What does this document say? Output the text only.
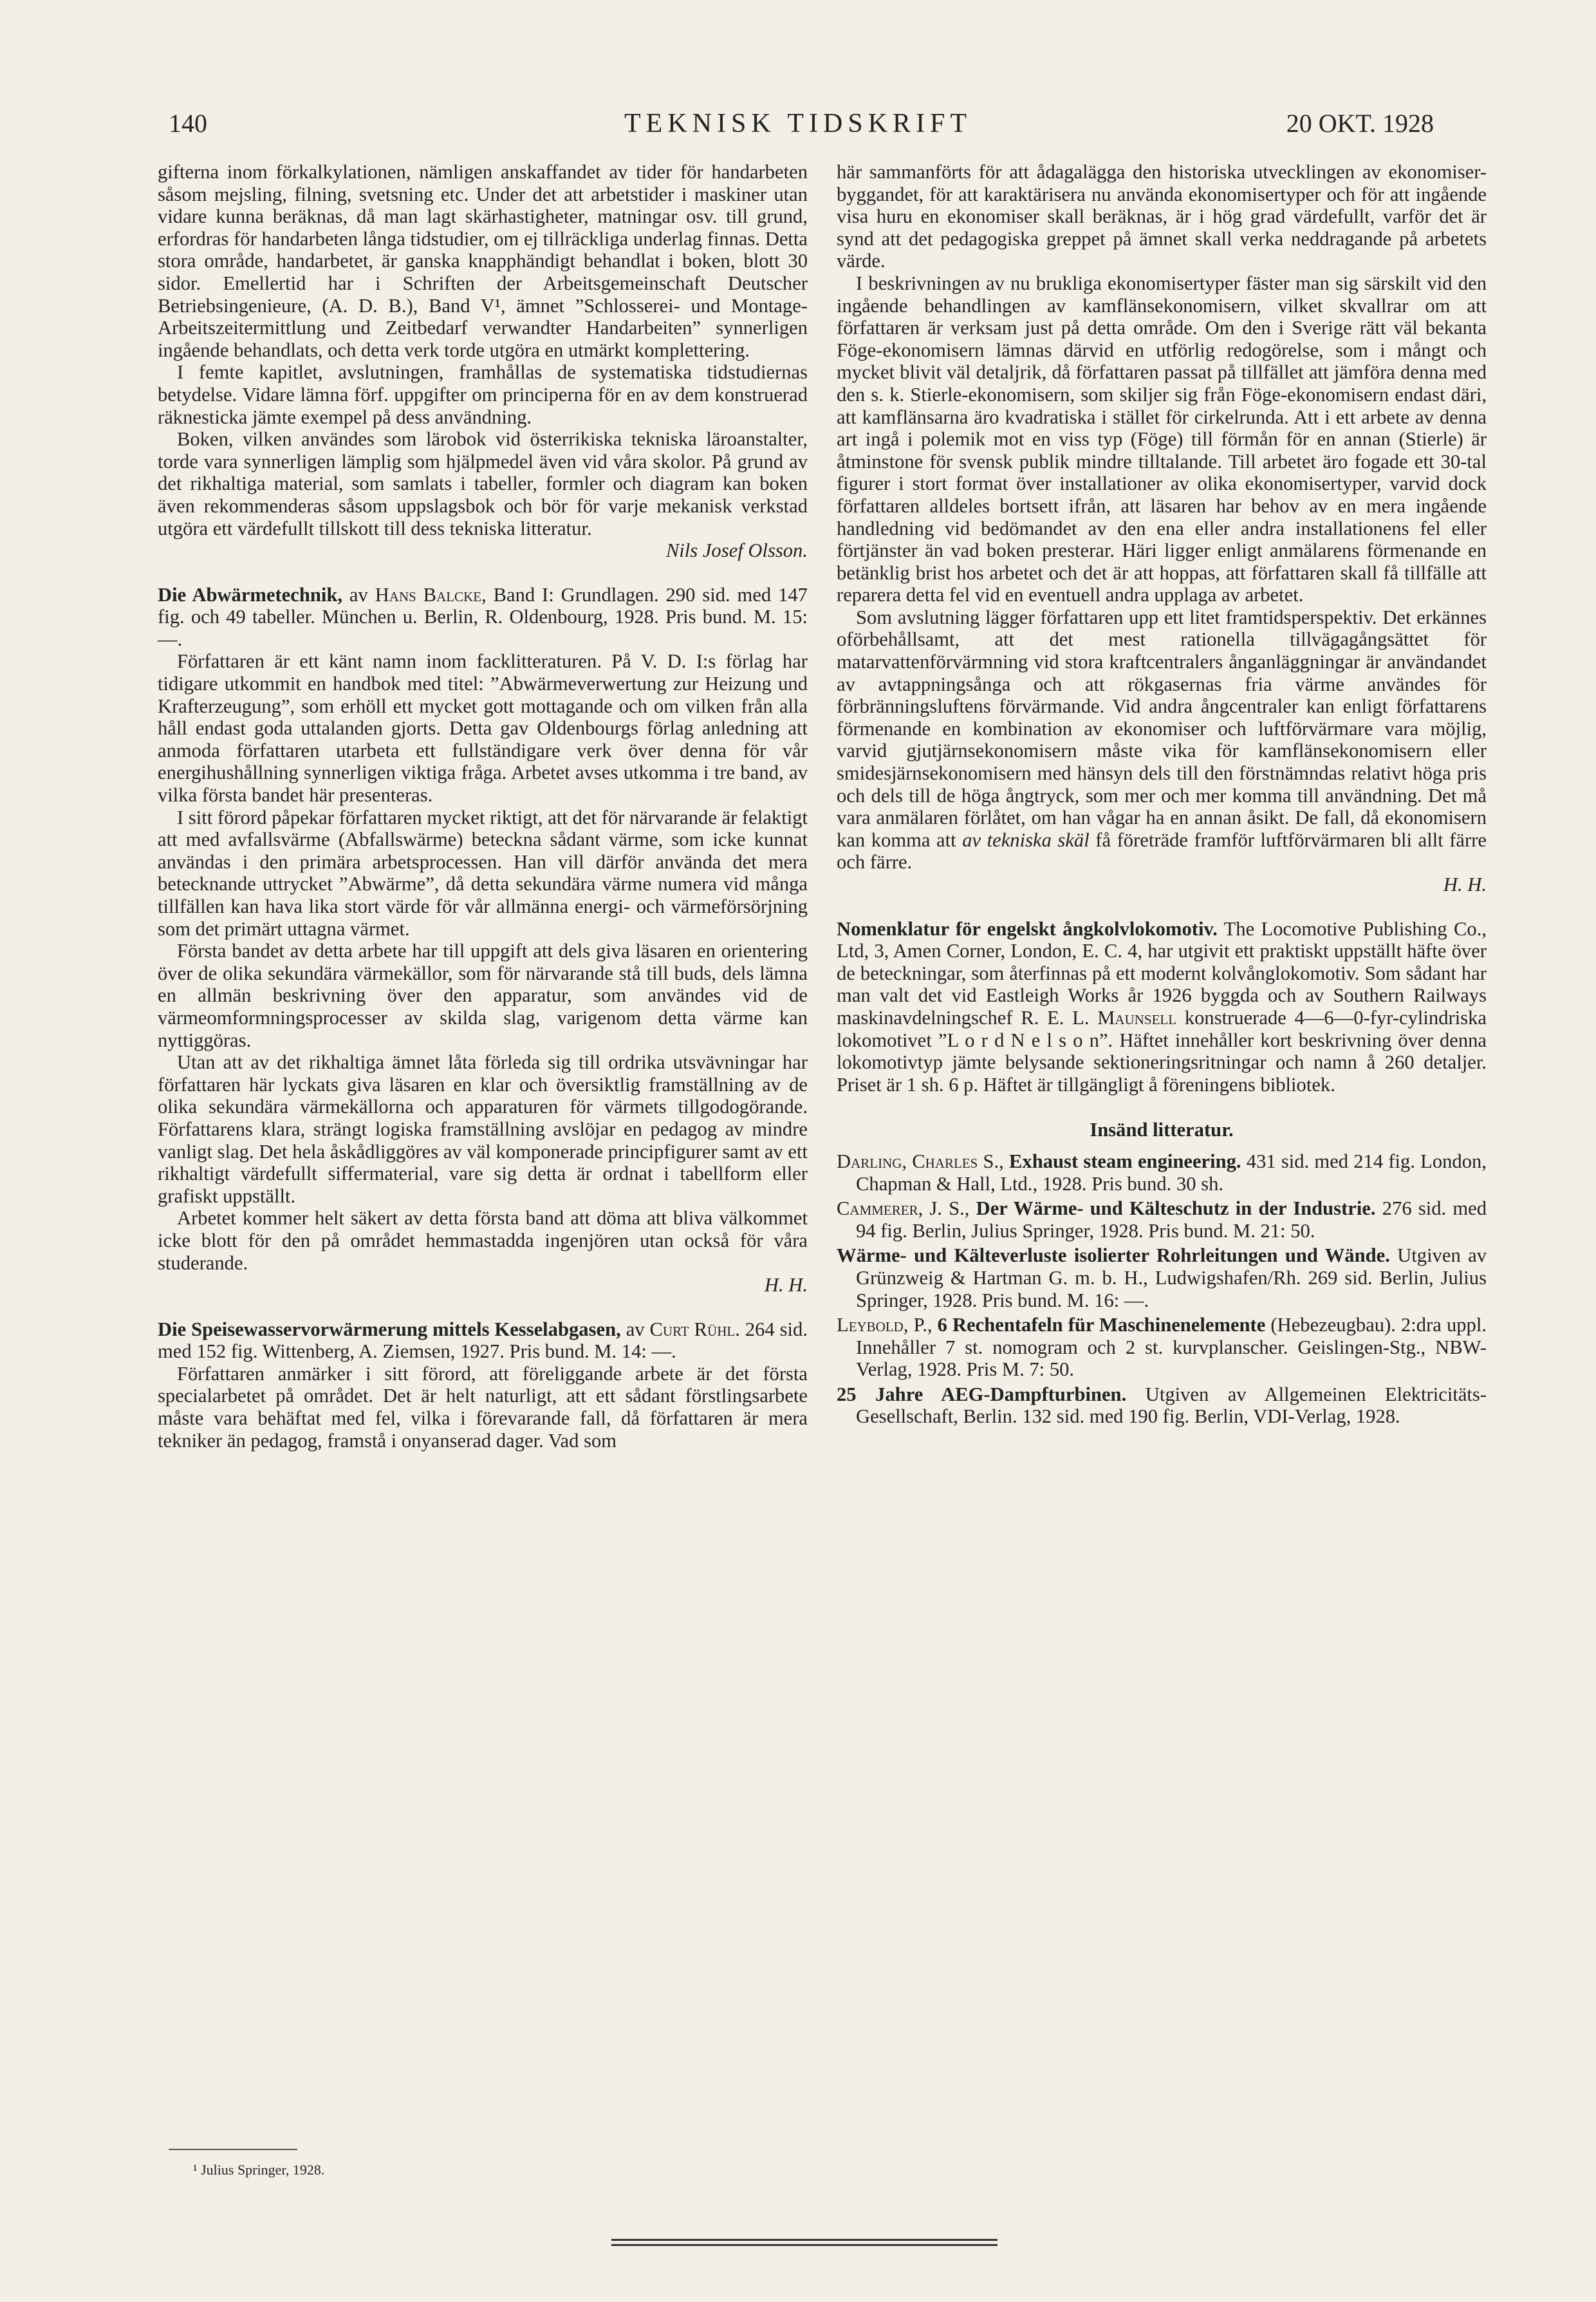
140	TEKNISK TIDSKRIFT	20 OKT. 1928

gifterna inom förkalkylationen, nämligen anskaffandet av tider för handarbeten såsom mejsling, filning, svetsning etc. Under det att arbetstider i maskiner utan vidare kunna beräknas, då man lagt skärhastigheter, matningar osv. till grund, erfordras för handarbeten långa tidstudier, om ej tillräckliga underlag finnas. Detta stora område, handarbetet, är ganska knapphändigt behandlat i boken, blott 30 sidor. Emellertid har i Schriften der Arbeitsgemeinschaft Deutscher Betriebsingenieure, (A. D. B.), Band V¹, ämnet ”Schlosserei- und Montage-Arbeitszeitermittlung und Zeitbedarf verwandter Handarbeiten” synnerligen ingående behandlats, och detta verk torde utgöra en utmärkt komplettering.

I femte kapitlet, avslutningen, framhållas de systematiska tidstudiernas betydelse. Vidare lämna förf. uppgifter om principerna för en av dem konstruerad räknesticka jämte exempel på dess användning.

Boken, vilken användes som lärobok vid österrikiska tekniska läroanstalter, torde vara synnerligen lämplig som hjälpmedel även vid våra skolor. På grund av det rikhaltiga material, som samlats i tabeller, formler och diagram kan boken även rekommenderas såsom uppslagsbok och bör för varje mekanisk verkstad utgöra ett värdefullt tillskott till dess tekniska litteratur.

Nils Josef Olsson.

Die Abwärmetechnik, av Hans Balcke, Band I: Grundlagen. 290 sid. med 147 fig. och 49 tabeller. München u. Berlin, R. Oldenbourg, 1928. Pris bund. M. 15: —.

Författaren är ett känt namn inom facklitteraturen. På V. D. I:s förlag har tidigare utkommit en handbok med titel: ”Abwärmeverwertung zur Heizung und Krafterzeugung”, som erhöll ett mycket gott mottagande och om vilken från alla håll endast goda uttalanden gjorts. Detta gav Oldenbourgs förlag anledning att anmoda författaren utarbeta ett fullständigare verk över denna för vår energihushållning synnerligen viktiga fråga. Arbetet avses utkomma i tre band, av vilka första bandet här presenteras.

I sitt förord påpekar författaren mycket riktigt, att det för närvarande är felaktigt att med avfallsvärme (Abfallswärme) betecknа sådant värme, som icke kunnat användas i den primära arbetsprocessen. Han vill därför använda det mera betecknande uttrycket ”Abwärme”, då detta sekundära värme numera vid många tillfällen kan hava lika stort värde för vår allmänna energi- och värmeförsörjning som det primärt uttagna värmet.

Första bandet av detta arbete har till uppgift att dels giva läsaren en orientering över de olika sekundära värmekällor, som för närvarande stå till buds, dels lämna en allmän beskrivning över den apparatur, som användes vid de värmeomformningsprocesser av skilda slag, varigenom detta värme kan nyttiggöras.

Utan att av det rikhaltiga ämnet låta förleda sig till ordrika utsvävningar har författaren här lyckats giva läsaren en klar och översiktlig framställning av de olika sekundära värmekällorna och apparaturen för värmets tillgodogörande. Författarens klara, strängt logiska framställning avslöjar en pedagog av mindre vanligt slag. Det hela åskådliggöres av väl komponerade principfigurer samt av ett rikhaltigt värdefullt siffermaterial, vare sig detta är ordnat i tabellform eller grafiskt uppställt.

Arbetet kommer helt säkert av detta första band att döma att bliva välkommet icke blott för den på området hemmastadda ingenjören utan också för våra studerande.

H. H.

Die Speisewasservorwärmerung mittels Kesselabgasen, av Curt Rühl. 264 sid. med 152 fig. Wittenberg, A. Ziemsen, 1927. Pris bund. M. 14: —.

Författaren anmärker i sitt förord, att föreliggande arbete är det första specialarbetet på området. Det är helt naturligt, att ett sådant förstlingsarbete måste vara behäftat med fel, vilka i förevarande fall, då författaren är mera tekniker än pedagog, framstå i onyanserad dager. Vad som

¹ Julius Springer, 1928.

här sammanförts för att ådagalägga den historiska utvecklingen av ekonomiser-byggandet, för att karaktärisera nu använda ekonomisertyper och för att ingående visa huru en ekonomiser skall beräknas, är i hög grad värdefullt, varför det är synd att det pedagogiska greppet på ämnet skall verka neddragande på arbetets värde.

I beskrivningen av nu brukliga ekonomisertyper fäster man sig särskilt vid den ingående behandlingen av kamflänsekonomisern, vilket skvallrar om att författaren är verksam just på detta område. Om den i Sverige rätt väl bekanta Föge-ekonomisern lämnas därvid en utförlig redogörelse, som i mångt och mycket blivit väl detaljrik, då författaren passat på tillfället att jämföra denna med den s. k. Stierle-ekonomisern, som skiljer sig från Föge-ekonomisern endast däri, att kamflänsarna äro kvadratiska i stället för cirkelrunda. Att i ett arbete av denna art ingå i polemik mot en viss typ (Föge) till förmån för en annan (Stierle) är åtminstone för svensk publik mindre tilltalande. Till arbetet äro fogade ett 30-tal figurer i stort format över installationer av olika ekonomisertyper, varvid dock författaren alldeles bortsett ifrån, att läsaren har behov av en mera ingående handledning vid bedömandet av den ena eller andra installationens fel eller förtjänster än vad boken presterar. Häri ligger enligt anmälarens förmenande en betänklig brist hos arbetet och det är att hoppas, att författaren skall få tillfälle att reparera detta fel vid en eventuell andra upplaga av arbetet.

Som avslutning lägger författaren upp ett litet framtidsperspektiv. Det erkännes oförbehållsamt, att det mest rationella tillvägagångsättet för matarvattenförvärmning vid stora kraftcentralers ånganläggningar är användandet av avtappningsånga och att rökgasernas fria värme användes för förbränningsluftens förvärmande. Vid andra ångcentraler kan enligt författarens förmenande en kombination av ekonomiser och luftförvärmare vara möjlig, varvid gjutjärnsekonomisern måste vika för kamflänsekonomisern eller smidesjärnsekonomisern med hänsyn dels till den förstnämndas relativt höga pris och dels till de höga ångtryck, som mer och mer komma till användning. Det må vara anmälaren förlåtet, om han vågar ha en annan åsikt. De fall, då ekonomisern kan komma att av tekniska skäl få företräde framför luftförvärmaren bli allt färre och färre.

H. H.

Nomenklatur för engelskt ångkolvlokomotiv. The Locomotive Publishing Co., Ltd, 3, Amen Corner, London, E. C. 4, har utgivit ett praktiskt uppställt häfte över de beteckningar, som återfinnas på ett modernt kolvånglokomotiv. Som sådant har man valt det vid Eastleigh Works år 1926 byggda och av Southern Railways maskinavdelningschef R. E. L. Maunsell konstruerade 4—6—0-fyr-cylindriska lokomotivet ”L o r d N e l s o n”. Häftet innehåller kort beskrivning över denna lokomotivtyp jämte belysande sektioneringsritningar och namn å 260 detaljer. Priset är 1 sh. 6 p. Häftet är tillgängligt å föreningens bibliotek.

Insänd litteratur.

Darling, Charles S., Exhaust steam engineering. 431 sid. med 214 fig. London, Chapman & Hall, Ltd., 1928. Pris bund. 30 sh.

Cammerer, J. S., Der Wärme- und Kälteschutz in der Industrie. 276 sid. med 94 fig. Berlin, Julius Springer, 1928. Pris bund. M. 21: 50.

Wärme- und Kälteverluste isolierter Rohrleitungen und Wände. Utgiven av Grünzweig & Hartman G. m. b. H., Ludwigshafen/Rh. 269 sid. Berlin, Julius Springer, 1928. Pris bund. M. 16: —.

Leybold, P., 6 Rechentafeln für Maschinenelemente (Hebezeugbau). 2:dra uppl. Innehåller 7 st. nomogram och 2 st. kurvplanscher. Geislingen-Stg., NBW-Verlag, 1928. Pris M. 7: 50.

25 Jahre AEG-Dampfturbinen. Utgiven av Allgemeinen Elektricitäts-Gesellschaft, Berlin. 132 sid. med 190 fig. Berlin, VDI-Verlag, 1928.
